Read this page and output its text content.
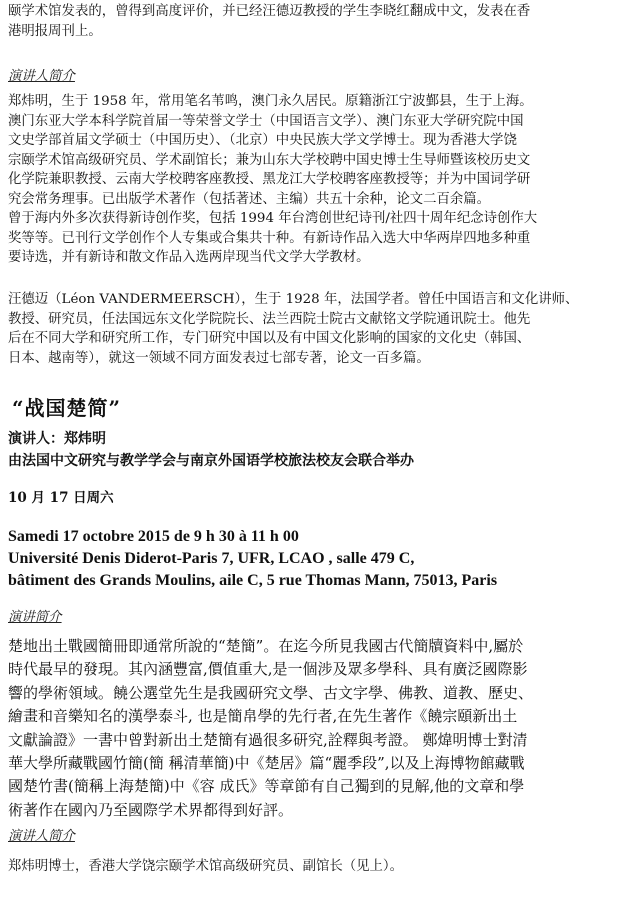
颐学术馆发表的，曾得到高度评价，并已经汪德迈教授的学生李晓红翻成中文，发表在香

港明报周刊上。

演讲人简介

郑炜明，生于 1958 年，常用笔名苇鸣，澳门永久居民。原籍浙江宁波鄞县，生于上海。

澳门东亚大学本科学院首届一等荣誉文学士（中国语言文学）、澳门东亚大学研究院中国

文史学部首届文学硕士（中国历史）、（北京）中央民族大学文学博士。现为香港大学饶

宗颐学术馆高级研究员、学术副馆长；兼为山东大学校聘中国史博士生导师暨该校历史文

化学院兼职教授、云南大学校聘客座教授、黑龙江大学校聘客座教授等；并为中国词学研

究会常务理事。已出版学术著作（包括著述、主编）共五十余种，论文二百余篇。

曾于海内外多次获得新诗创作奖，包括 1994 年台湾创世纪诗刊/社四十周年纪念诗创作大

奖等等。已刊行文学创作个人专集或合集共十种。有新诗作品入选大中华两岸四地多种重

要诗选，并有新诗和散文作品入选两岸现当代文学大学教材。

汪德迈（Léon VANDERMEERSCH），生于 1928 年，法国学者。曾任中国语言和文化讲师、

教授、研究员，任法国远东文化学院院长、法兰西院士院古文献铭文学院通讯院士。他先

后在不同大学和研究所工作，专门研究中国以及有中国文化影响的国家的文化史（韩国、

日本、越南等），就这一领域不同方面发表过七部专著，论文一百多篇。

“战国楚简”

演讲人：郑炜明

由法国中文研究与教学学会与南京外国语学校旅法校友会联合举办

10 月 17 日周六

Samedi 17 octobre 2015 de 9 h 30 à 11 h 00

Université Denis Diderot-Paris 7, UFR, LCAO , salle 479 C,

bâtiment des Grands Moulins, aile C, 5 rue Thomas Mann, 75013, Paris

演讲简介

楚地出土戰國簡冊即通常所說的“楚簡”。在迄今所見我國古代簡牘資料中,屬於

時代最早的發現。其內涵豐富,價值重大,是一個涉及眾多學科、具有廣泛國際影

響的學術領域。饒公選堂先生是我國研究文學、古文字學、佛教、道教、歷史、

繪畫和音樂知名的漢學泰斗, 也是簡帛學的先行者,在先生著作《饒宗頤新出土

文獻論證》一書中曾對新出土楚簡有過很多研究,詮釋與考證。 鄭煒明博士對清

華大學所藏戰國竹簡(簡 稱清華簡)中《楚居》篇“麗季段”,以及上海博物館藏戰

國楚竹書(簡稱上海楚簡)中《容 成氏》等章節有自己獨到的見解,他的文章和學

術著作在國內乃至國際学术界都得到好評。

演讲人简介

郑炜明博士，香港大学饶宗颐学术馆高级研究员、副馆长（见上）。
